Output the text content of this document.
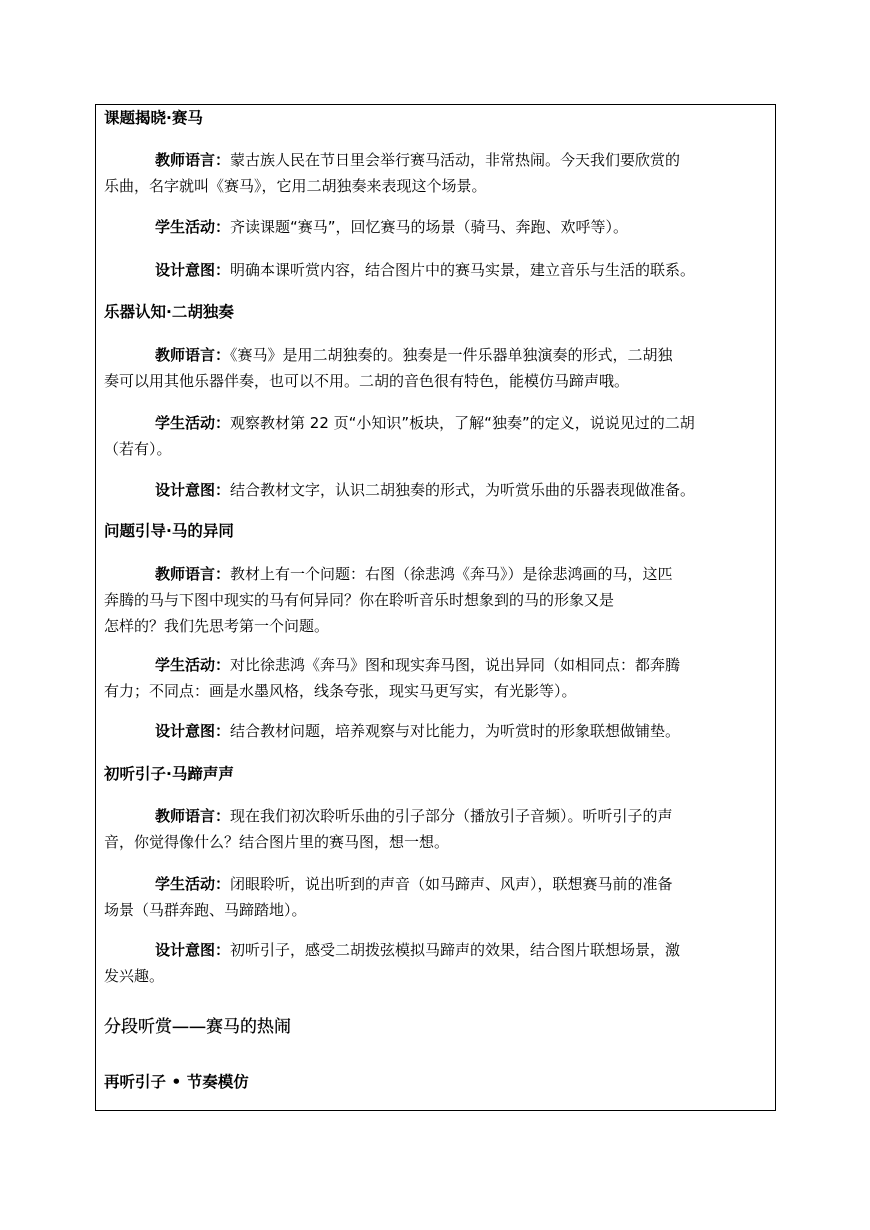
课题揭晓·赛马
教师语言：蒙古族人民在节日里会举行赛马活动，非常热闹。今天我们要欣赏的
乐曲，名字就叫《赛马》，它用二胡独奏来表现这个场景。
学生活动：齐读课题“赛马”，回忆赛马的场景（骑马、奔跑、欢呼等）。
设计意图：明确本课听赏内容，结合图片中的赛马实景，建立音乐与生活的联系。
乐器认知·二胡独奏
教师语言：《赛马》是用二胡独奏的。独奏是一件乐器单独演奏的形式，二胡独
奏可以用其他乐器伴奏，也可以不用。二胡的音色很有特色，能模仿马蹄声哦。
学生活动：观察教材第 22 页“小知识”板块，了解“独奏”的定义，说说见过的二胡
（若有）。
设计意图：结合教材文字，认识二胡独奏的形式，为听赏乐曲的乐器表现做准备。
问题引导·马的异同
教师语言：教材上有一个问题：右图（徐悲鸿《奔马》）是徐悲鸿画的马，这匹
奔腾的马与下图中现实的马有何异同？你在聆听音乐时想象到的马的形象又是
怎样的？我们先思考第一个问题。
学生活动：对比徐悲鸿《奔马》图和现实奔马图，说出异同（如相同点：都奔腾
有力；不同点：画是水墨风格，线条夸张，现实马更写实，有光影等）。
设计意图：结合教材问题，培养观察与对比能力，为听赏时的形象联想做铺垫。
初听引子·马蹄声声
教师语言：现在我们初次聆听乐曲的引子部分（播放引子音频）。听听引子的声
音，你觉得像什么？结合图片里的赛马图，想一想。
学生活动：闭眼聆听，说出听到的声音（如马蹄声、风声），联想赛马前的准备
场景（马群奔跑、马蹄踏地）。
设计意图：初听引子，感受二胡拨弦模拟马蹄声的效果，结合图片联想场景，激
发兴趣。
分段听赏——赛马的热闹
再听引子 • 节奏模仿
